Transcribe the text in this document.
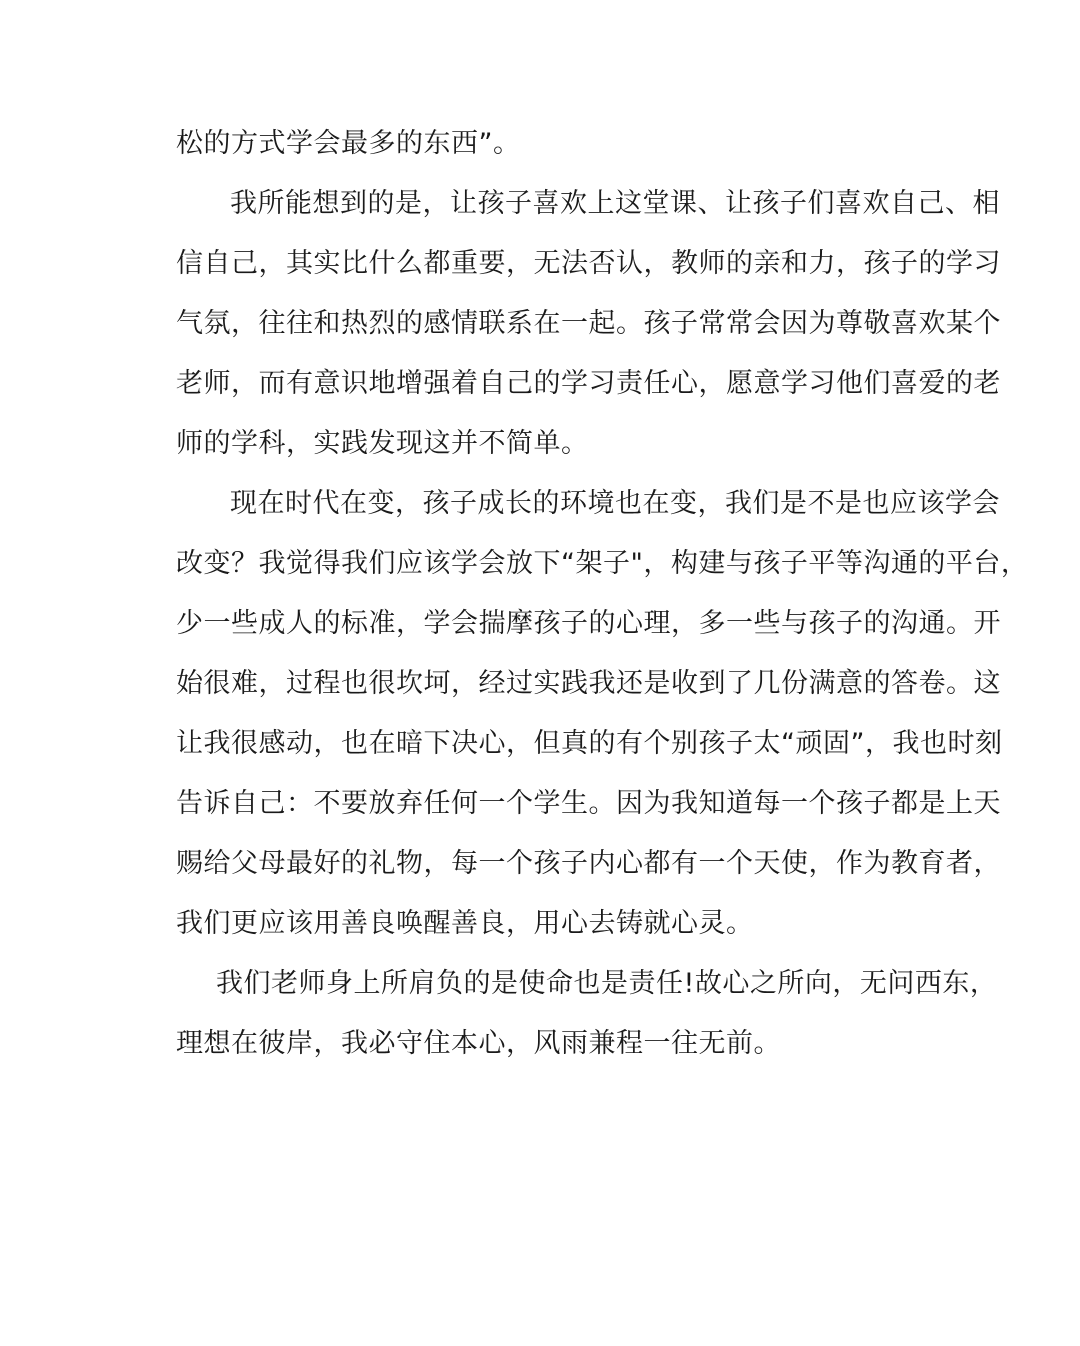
松的方式学会最多的东西”。
我所能想到的是，让孩子喜欢上这堂课、让孩子们喜欢自己、相
信自己，其实比什么都重要，无法否认，教师的亲和力，孩子的学习
气氛，往往和热烈的感情联系在一起。孩子常常会因为尊敬喜欢某个
老师，而有意识地增强着自己的学习责任心，愿意学习他们喜爱的老
师的学科，实践发现这并不简单。
现在时代在变，孩子成长的环境也在变，我们是不是也应该学会
改变？我觉得我们应该学会放下“架子"，构建与孩子平等沟通的平台，
少一些成人的标准，学会揣摩孩子的心理，多一些与孩子的沟通。开
始很难，过程也很坎坷，经过实践我还是收到了几份满意的答卷。这
让我很感动，也在暗下决心，但真的有个别孩子太“顽固”，我也时刻
告诉自己：不要放弃任何一个学生。因为我知道每一个孩子都是上天
赐给父母最好的礼物，每一个孩子内心都有一个天使，作为教育者，
我们更应该用善良唤醒善良，用心去铸就心灵。
我们老师身上所肩负的是使命也是责任!故心之所向，无问西东，
理想在彼岸，我必守住本心，风雨兼程一往无前。
